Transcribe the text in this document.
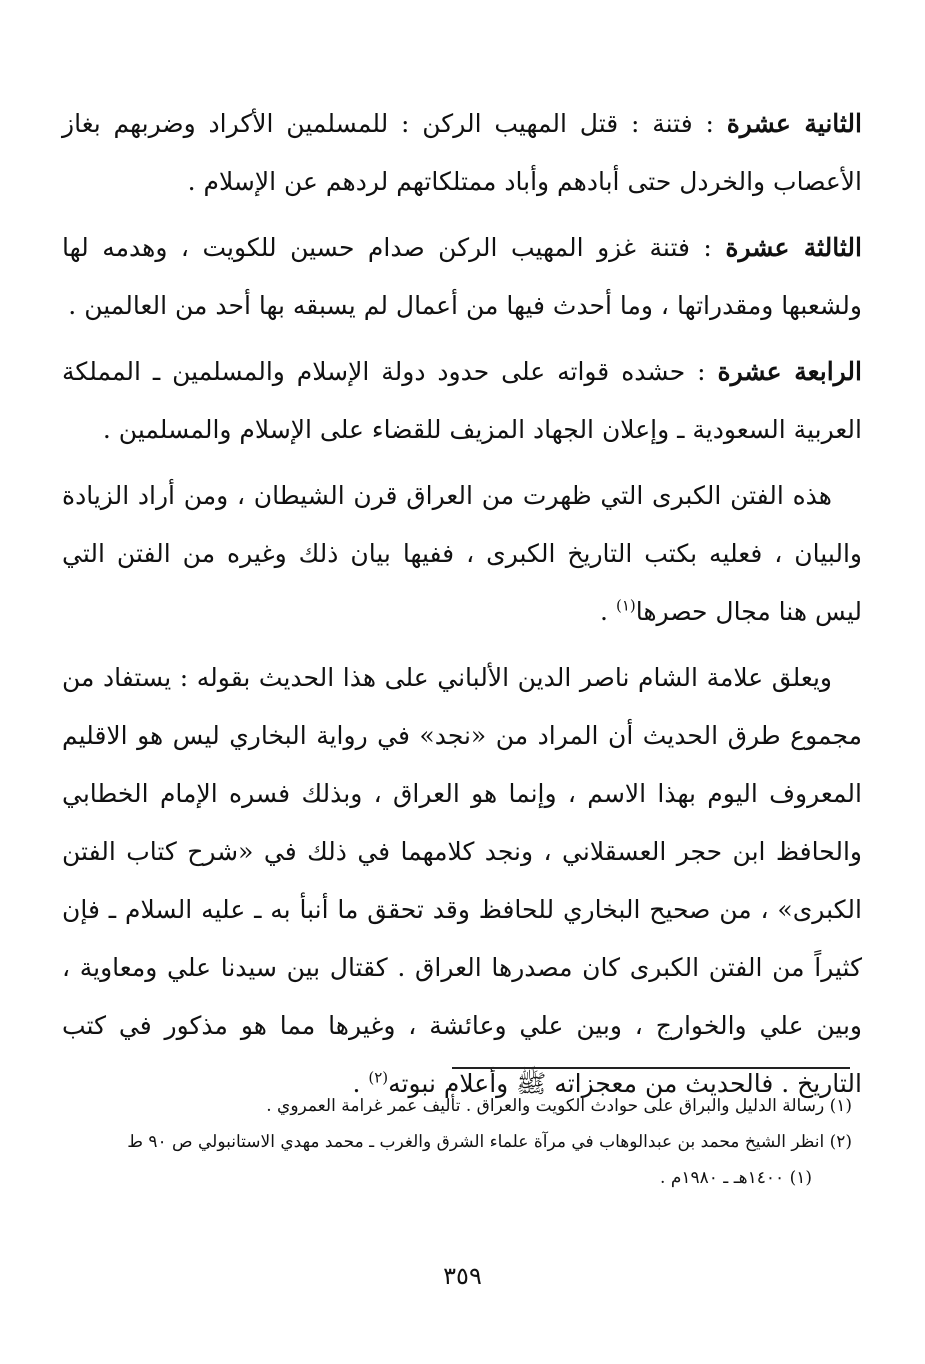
الثانية عشرة : فتنة : قتل المهيب الركن : للمسلمين الأكراد وضربهم بغاز الأعصاب والخردل حتى أبادهم وأباد ممتلكاتهم لردهم عن الإسلام .

الثالثة عشرة : فتنة غزو المهيب الركن صدام حسين للكويت ، وهدمه لها ولشعبها ومقدراتها ، وما أحدث فيها من أعمال لم يسبقه بها أحد من العالمين .

الرابعة عشرة : حشده قواته على حدود دولة الإسلام والمسلمين ـ المملكة العربية السعودية ـ وإعلان الجهاد المزيف للقضاء على الإسلام والمسلمين .

هذه الفتن الكبرى التي ظهرت من العراق قرن الشيطان ، ومن أراد الزيادة والبيان ، فعليه بكتب التاريخ الكبرى ، ففيها بيان ذلك وغيره من الفتن التي ليس هنا مجال حصرها$^{(١)}$ .

ويعلق علامة الشام ناصر الدين الألباني على هذا الحديث بقوله : يستفاد من مجموع طرق الحديث أن المراد من «نجد» في رواية البخاري ليس هو الاقليم المعروف اليوم بهذا الاسم ، وإنما هو العراق ، وبذلك فسره الإمام الخطابي والحافظ ابن حجر العسقلاني ، ونجد كلامهما في ذلك في «شرح كتاب الفتن الكبرى» ، من صحيح البخاري للحافظ وقد تحقق ما أنبأ به ـ عليه السلام ـ فإن كثيراً من الفتن الكبرى كان مصدرها العراق . كقتال بين سيدنا علي ومعاوية ، وبين علي والخوارج ، وبين علي وعائشة ، وغيرها مما هو مذكور في كتب التاريخ . فالحديث من معجزاته ﷺ وأعلام نبوته$^{(٢)}$ .

(١) رسالة الدليل والبراق على حوادث الكويت والعراق . تأليف عمر غرامة العمروي .

(٢) انظر الشيخ محمد بن عبدالوهاب في مرآة علماء الشرق والغرب ـ محمد مهدي الاستانبولي ص ٩٠ ط
(١) ١٤٠٠هـ ـ ١٩٨٠م .

٣٥٩
